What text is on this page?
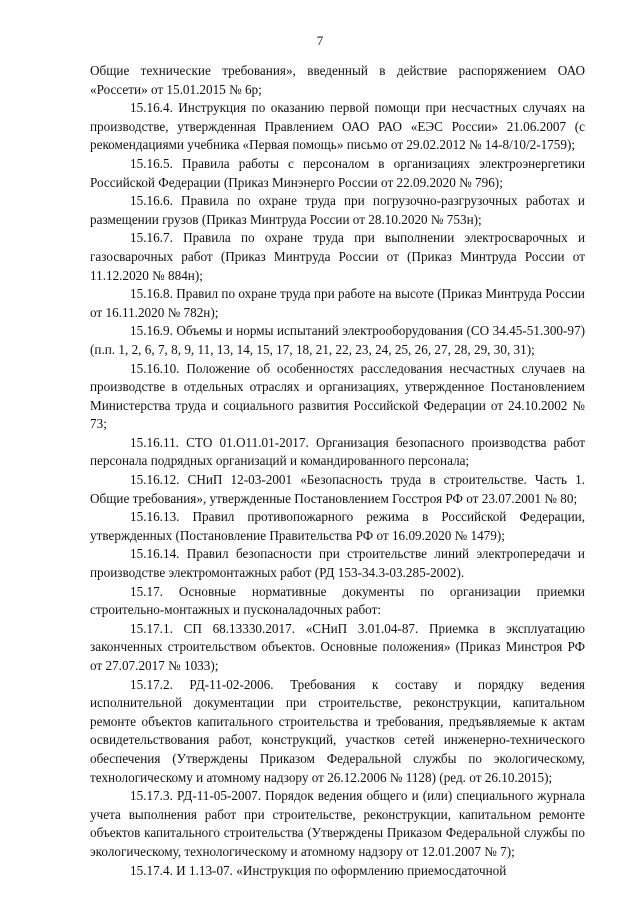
7

Общие технические требования», введенный в действие распоряжением ОАО «Россети» от 15.01.2015 № 6р;

15.16.4. Инструкция по оказанию первой помощи при несчастных случаях на производстве, утвержденная Правлением ОАО РАО «ЕЭС России» 21.06.2007 (с рекомендациями учебника «Первая помощь» письмо от 29.02.2012 № 14-8/10/2-1759);

15.16.5. Правила работы с персоналом в организациях электроэнергетики Российской Федерации (Приказ Минэнерго России от 22.09.2020 № 796);

15.16.6. Правила по охране труда при погрузочно-разгрузочных работах и размещении грузов (Приказ Минтруда России от 28.10.2020 № 753н);

15.16.7. Правила по охране труда при выполнении электросварочных и газосварочных работ (Приказ Минтруда России от (Приказ Минтруда России от 11.12.2020 № 884н);

15.16.8. Правил по охране труда при работе на высоте (Приказ Минтруда России от 16.11.2020 № 782н);

15.16.9. Объемы и нормы испытаний электрооборудования (СО 34.45-51.300-97) (п.п. 1, 2, 6, 7, 8, 9, 11, 13, 14, 15, 17, 18, 21, 22, 23, 24, 25, 26, 27, 28, 29, 30, 31);

15.16.10. Положение об особенностях расследования несчастных случаев на производстве в отдельных отраслях и организациях, утвержденное Постановлением Министерства труда и социального развития Российской Федерации от 24.10.2002 № 73;

15.16.11. СТО 01.О11.01-2017. Организация безопасного производства работ персонала подрядных организаций и командированного персонала;

15.16.12. СНиП 12-03-2001 «Безопасность труда в строительстве. Часть 1. Общие требования», утвержденные Постановлением Госстроя РФ от 23.07.2001 № 80;

15.16.13. Правил противопожарного режима в Российской Федерации, утвержденных (Постановление Правительства РФ от 16.09.2020 № 1479);

15.16.14. Правил безопасности при строительстве линий электропередачи и производстве электромонтажных работ (РД 153-34.3-03.285-2002).

15.17. Основные нормативные документы по организации приемки строительно-монтажных и пусконаладочных работ:

15.17.1. СП 68.13330.2017. «СНиП 3.01.04-87. Приемка в эксплуатацию законченных строительством объектов. Основные положения» (Приказ Минстроя РФ от 27.07.2017 № 1033);

15.17.2. РД-11-02-2006. Требования к составу и порядку ведения исполнительной документации при строительстве, реконструкции, капитальном ремонте объектов капитального строительства и требования, предъявляемые к актам освидетельствования работ, конструкций, участков сетей инженерно-технического обеспечения (Утверждены Приказом Федеральной службы по экологическому, технологическому и атомному надзору от 26.12.2006 № 1128) (ред. от 26.10.2015);

15.17.3. РД-11-05-2007. Порядок ведения общего и (или) специального журнала учета выполнения работ при строительстве, реконструкции, капитальном ремонте объектов капитального строительства (Утверждены Приказом Федеральной службы по экологическому, технологическому и атомному надзору от 12.01.2007 № 7);

15.17.4. И 1.13-07. «Инструкция по оформлению приемосдаточной
